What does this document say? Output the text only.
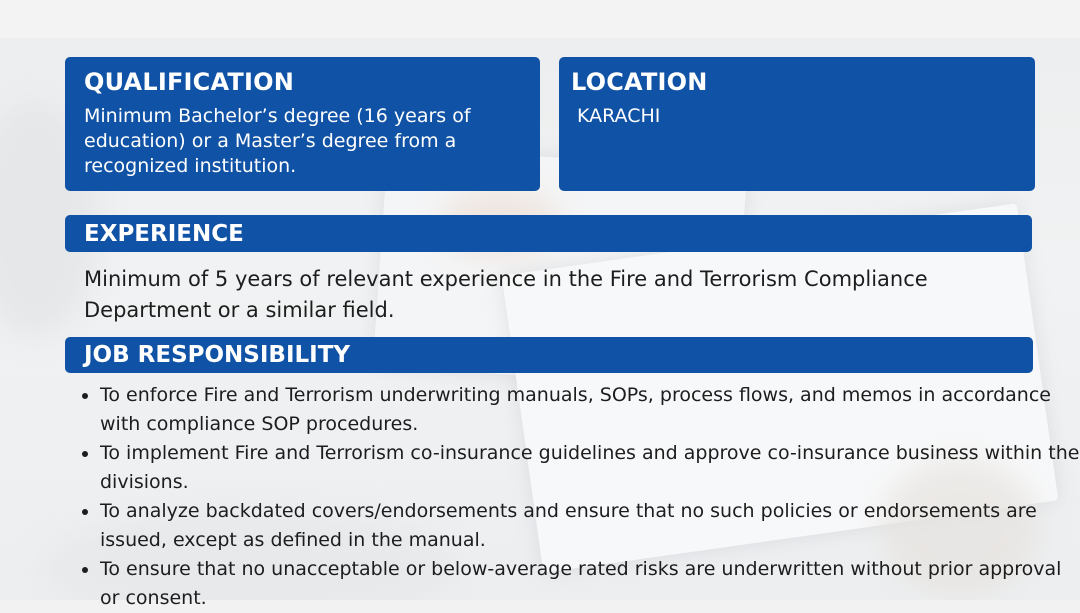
QUALIFICATION
Minimum Bachelor’s degree (16 years of education) or a Master’s degree from a recognized institution.
LOCATION
KARACHI
EXPERIENCE
Minimum of 5 years of relevant experience in the Fire and Terrorism Compliance Department or a similar field.
JOB RESPONSIBILITY
• To enforce Fire and Terrorism underwriting manuals, SOPs, process flows, and memos in accordance with compliance SOP procedures.
• To implement Fire and Terrorism co-insurance guidelines and approve co-insurance business within the divisions.
• To analyze backdated covers/endorsements and ensure that no such policies or endorsements are issued, except as defined in the manual.
• To ensure that no unacceptable or below-average rated risks are underwritten without prior approval or consent.
